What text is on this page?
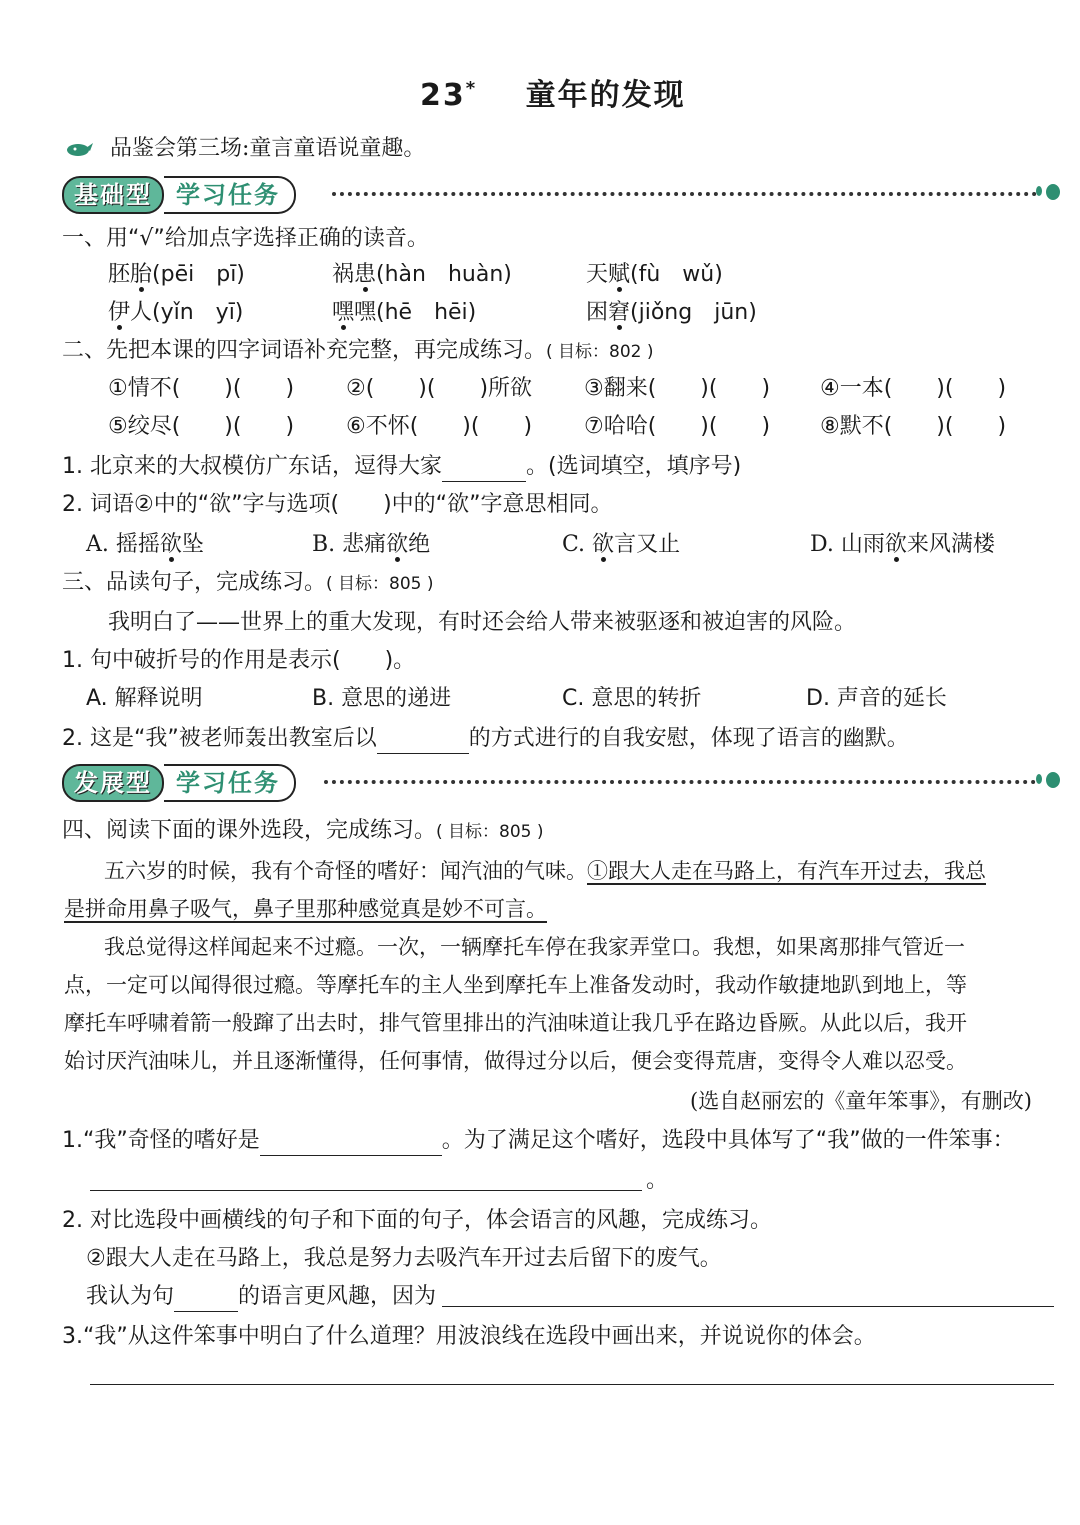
23* 童年的发现
品鉴会第三场:童言童语说童趣。
基础型	学习任务
一、用“√”给加点字选择正确的读音。
胚胎(pēi　pī)	祸患(hàn　huàn)	天赋(fù　wǔ)
伊人(yǐn　yī)	嘿嘿(hē　hēi)	困窘(jiǒng　jūn)
二、先把本课的四字词语补充完整，再完成练习。( 目标：802 )
①情不(　　)(　　) ②(　　)(　　)所欲 ③翻来(　　)(　　) ④一本(　　)(　　)
⑤绞尽(　　)(　　) ⑥不怀(　　)(　　) ⑦哈哈(　　)(　　) ⑧默不(　　)(　　)
1. 北京来的大叔模仿广东话，逗得大家	。(选词填空，填序号)
2. 词语②中的“欲”字与选项(　　)中的“欲”字意思相同。
A. 摇摇欲坠	B. 悲痛欲绝	C. 欲言又止	D. 山雨欲来风满楼
三、品读句子，完成练习。( 目标：805 )
我明白了——世界上的重大发现，有时还会给人带来被驱逐和被迫害的风险。
1. 句中破折号的作用是表示(　　)。
A. 解释说明	B. 意思的递进	C. 意思的转折	D. 声音的延长
2. 这是“我”被老师轰出教室后以	的方式进行的自我安慰，体现了语言的幽默。
发展型	学习任务
四、阅读下面的课外选段，完成练习。( 目标：805 )
五六岁的时候，我有个奇怪的嗜好：闻汽油的气味。①跟大人走在马路上，有汽车开过去，我总
是拼命用鼻子吸气，鼻子里那种感觉真是妙不可言。
我总觉得这样闻起来不过瘾。一次，一辆摩托车停在我家弄堂口。我想，如果离那排气管近一
点，一定可以闻得很过瘾。等摩托车的主人坐到摩托车上准备发动时，我动作敏捷地趴到地上，等
摩托车呼啸着箭一般蹿了出去时，排气管里排出的汽油味道让我几乎在路边昏厥。从此以后，我开
始讨厌汽油味儿，并且逐渐懂得，任何事情，做得过分以后，便会变得荒唐，变得令人难以忍受。
(选自赵丽宏的《童年笨事》，有删改)
1.“我”奇怪的嗜好是	。为了满足这个嗜好，选段中具体写了“我”做的一件笨事：
。
2. 对比选段中画横线的句子和下面的句子，体会语言的风趣，完成练习。
②跟大人走在马路上，我总是努力去吸汽车开过去后留下的废气。
我认为句	的语言更风趣，因为
3.“我”从这件笨事中明白了什么道理？用波浪线在选段中画出来，并说说你的体会。
